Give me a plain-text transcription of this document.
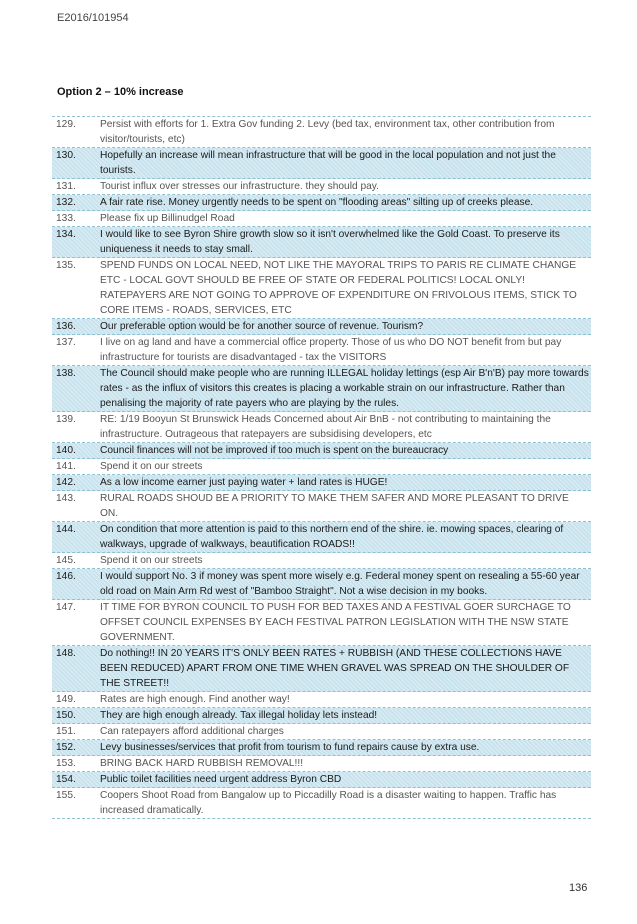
E2016/101954
Option 2 – 10% increase
129.	Persist with efforts for 1. Extra Gov funding 2. Levy (bed tax, environment tax, other contribution from visitor/tourists, etc)
130.	Hopefully an increase will mean infrastructure that will be good in the local population and not just the tourists.
131.	Tourist influx over stresses our infrastructure. they should pay.
132.	A fair rate rise. Money urgently needs to be spent on "flooding areas" silting up of creeks please.
133.	Please fix up Billinudgel Road
134.	I would like to see Byron Shire growth slow so it isn't overwhelmed like the Gold Coast. To preserve its uniqueness it needs to stay small.
135.	SPEND FUNDS ON LOCAL NEED, NOT LIKE THE MAYORAL TRIPS TO PARIS RE CLIMATE CHANGE ETC - LOCAL GOVT SHOULD BE FREE OF STATE OR FEDERAL POLITICS! LOCAL ONLY! RATEPAYERS ARE NOT GOING TO APPROVE OF EXPENDITURE ON FRIVOLOUS ITEMS, STICK TO CORE ITEMS - ROADS, SERVICES, ETC
136.	Our preferable option would be for another source of revenue. Tourism?
137.	I live on ag land and have a commercial office property. Those of us who DO NOT benefit from but pay infrastructure for tourists are disadvantaged - tax the VISITORS
138.	The Council should make people who are running ILLEGAL holiday lettings (esp Air B'n'B) pay more towards rates - as the influx of visitors this creates is placing a workable strain on our infrastructure. Rather than penalising the majority of rate payers who are playing by the rules.
139.	RE: 1/19 Booyun St Brunswick Heads Concerned about Air BnB - not contributing to maintaining the infrastructure. Outrageous that ratepayers are subsidising developers, etc
140.	Council finances will not be improved if too much is spent on the bureaucracy
141.	Spend it on our streets
142.	As a low income earner just paying water + land rates is HUGE!
143.	RURAL ROADS SHOUD BE A PRIORITY TO MAKE THEM SAFER AND MORE PLEASANT TO DRIVE ON.
144.	On condition that more attention is paid to this northern end of the shire. ie. mowing spaces, clearing of walkways, upgrade of walkways, beautification ROADS!!
145.	Spend it on our streets
146.	I would support No. 3 if money was spent more wisely e.g. Federal money spent on resealing a 55-60 year old road on Main Arm Rd west of "Bamboo Straight". Not a wise decision in my books.
147.	IT TIME FOR BYRON COUNCIL TO PUSH FOR BED TAXES AND A FESTIVAL GOER SURCHAGE TO OFFSET COUNCIL EXPENSES BY EACH FESTIVAL PATRON LEGISLATION WITH THE NSW STATE GOVERNMENT.
148.	Do nothing!! IN 20 YEARS IT'S ONLY BEEN RATES + RUBBISH (AND THESE COLLECTIONS HAVE BEEN REDUCED) APART FROM ONE TIME WHEN GRAVEL WAS SPREAD ON THE SHOULDER OF THE STREET!!
149.	Rates are high enough. Find another way!
150.	They are high enough already. Tax illegal holiday lets instead!
151.	Can ratepayers afford additional charges
152.	Levy businesses/services that profit from tourism to fund repairs cause by extra use.
153.	BRING BACK HARD RUBBISH REMOVAL!!!
154.	Public toilet facilities need urgent address Byron CBD
155.	Coopers Shoot Road from Bangalow up to Piccadilly Road is a disaster waiting to happen. Traffic has increased dramatically.
136
